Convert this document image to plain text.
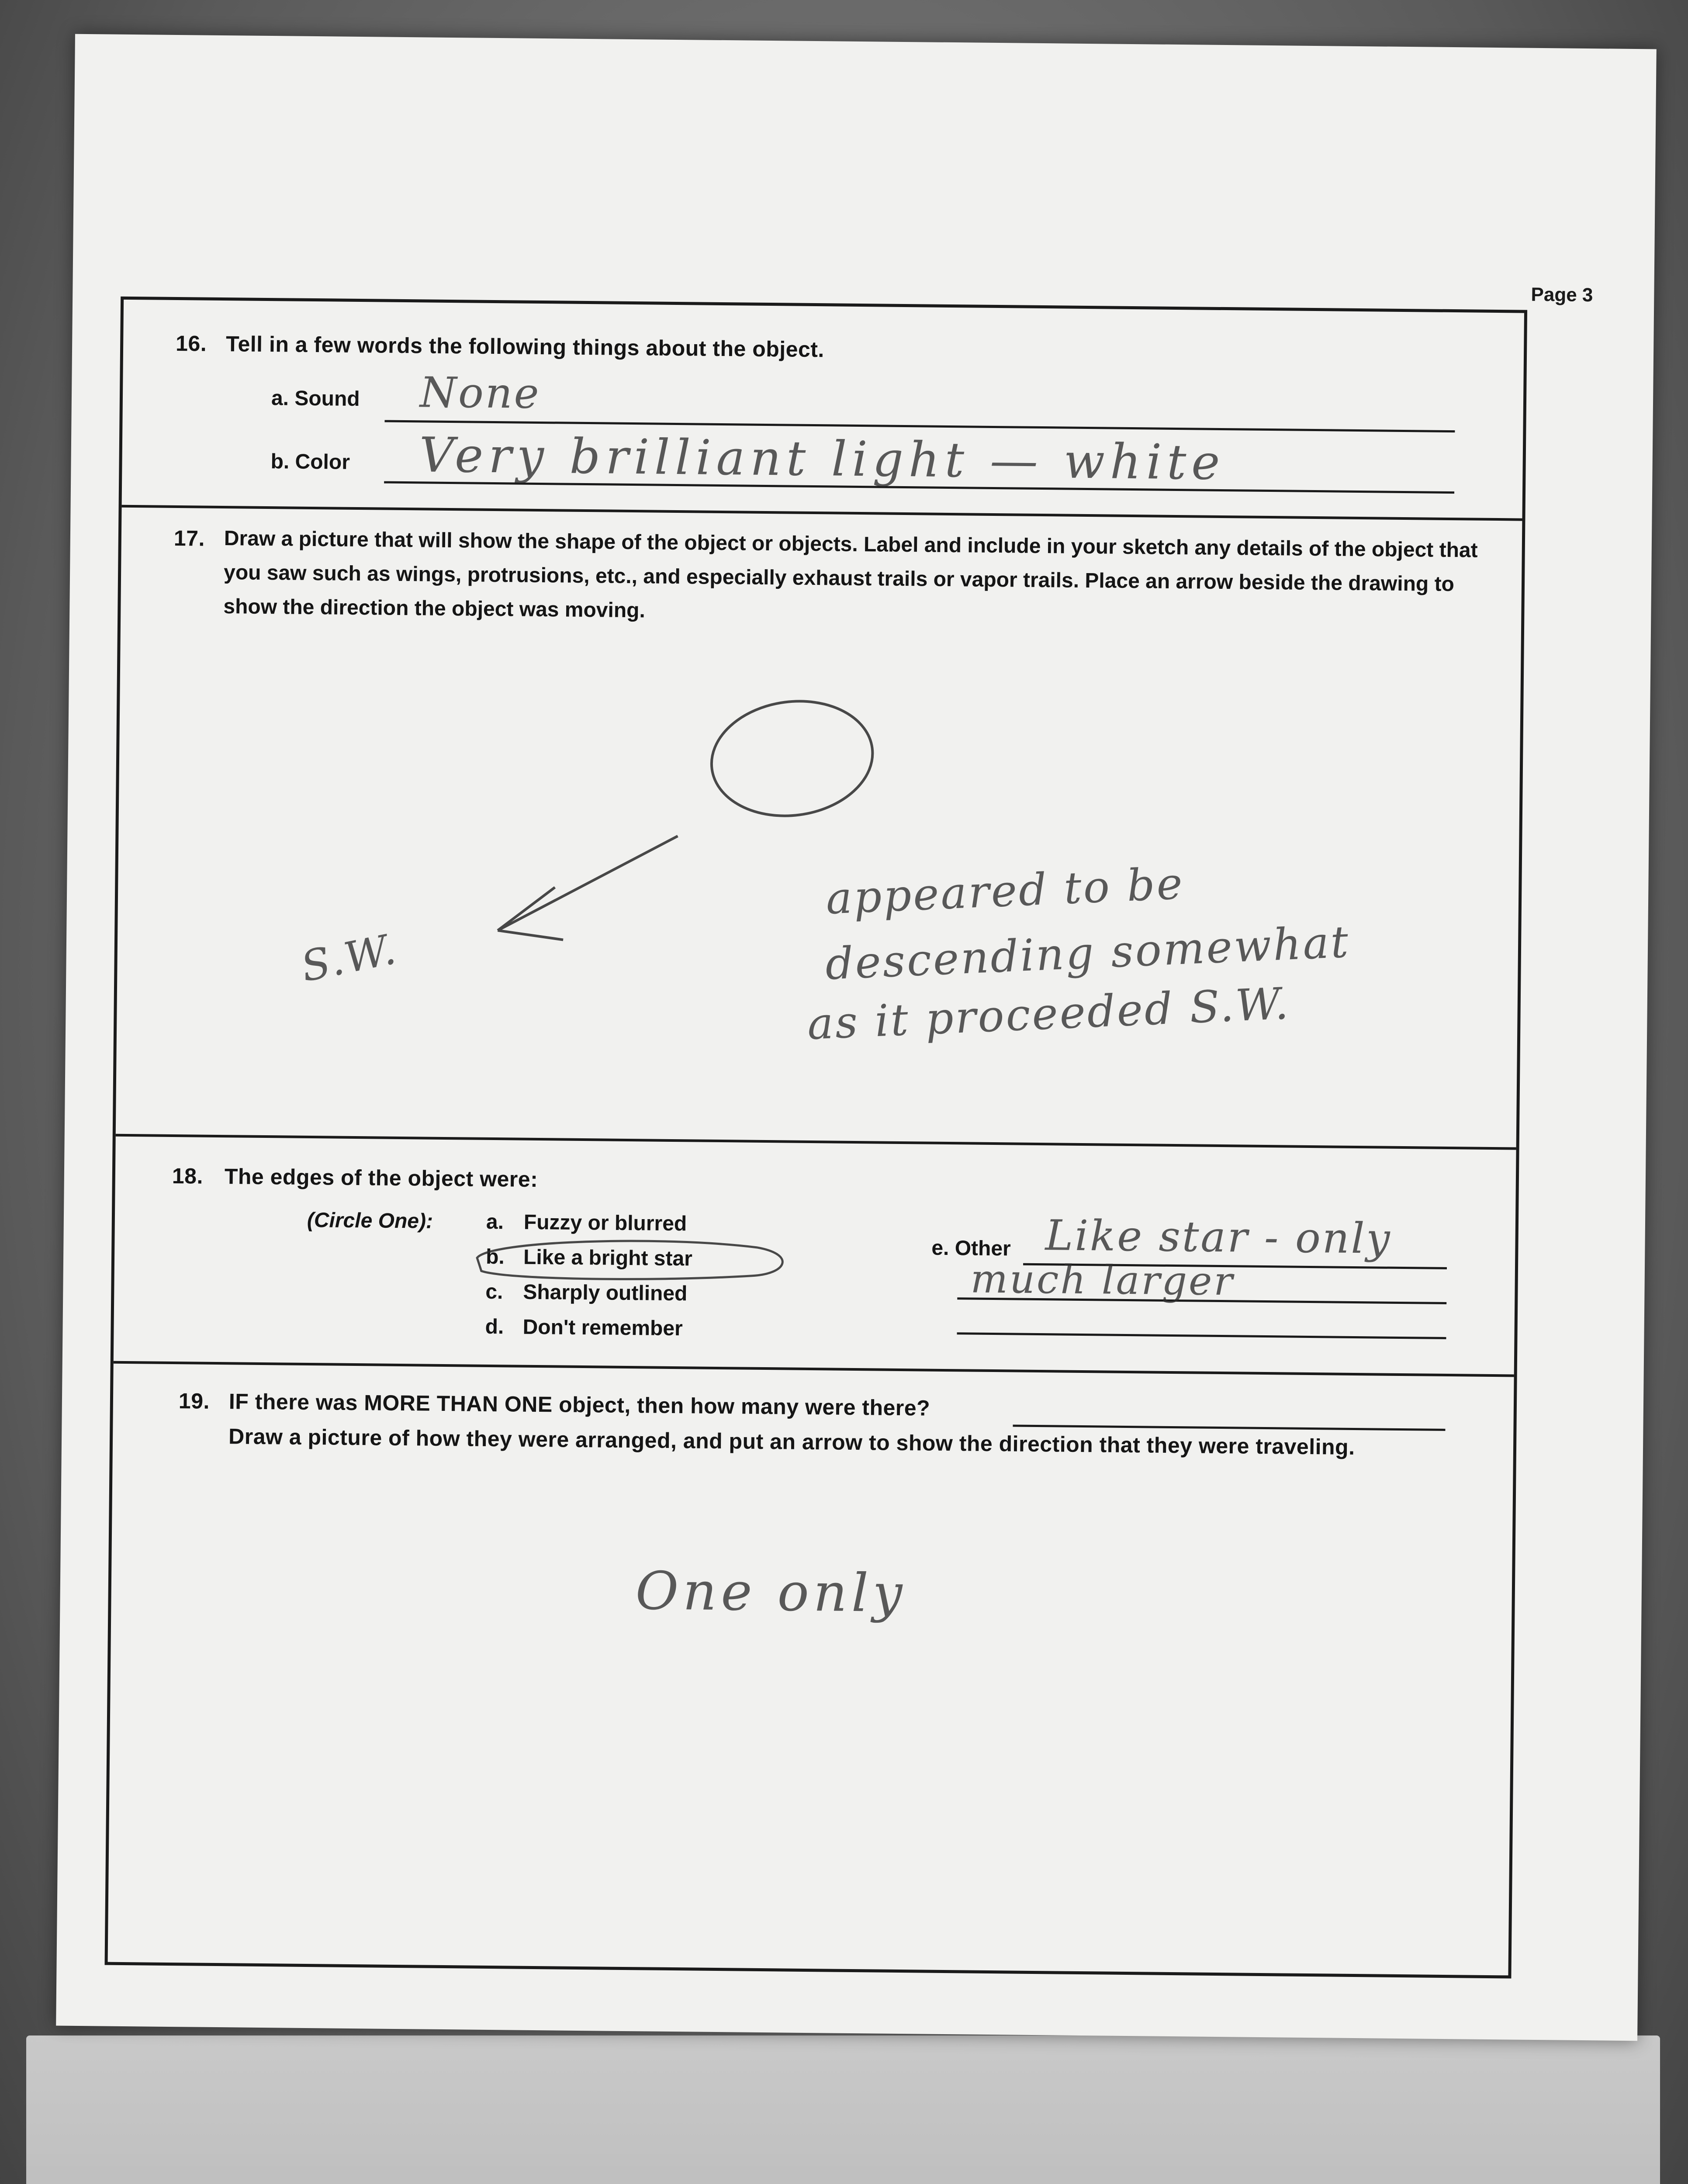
Page 3
16. Tell in a few words the following things about the object.
a. Sound None
b. Color Very brilliant light — white
17. Draw a picture that will show the shape of the object or objects. Label and include in your sketch any details of the object that you saw such as wings, protrusions, etc., and especially exhaust trails or vapor trails. Place an arrow beside the drawing to show the direction the object was moving.
S.W.
appeared to be
descending somewhat
as it proceeded S.W.
18. The edges of the object were:
(Circle One):	a. Fuzzy or blurred
b. Like a bright star
c. Sharply outlined
d. Don't remember
e. Other Like star - only
much larger
19. IF there was MORE THAN ONE object, then how many were there?
Draw a picture of how they were arranged, and put an arrow to show the direction that they were traveling.
One only
